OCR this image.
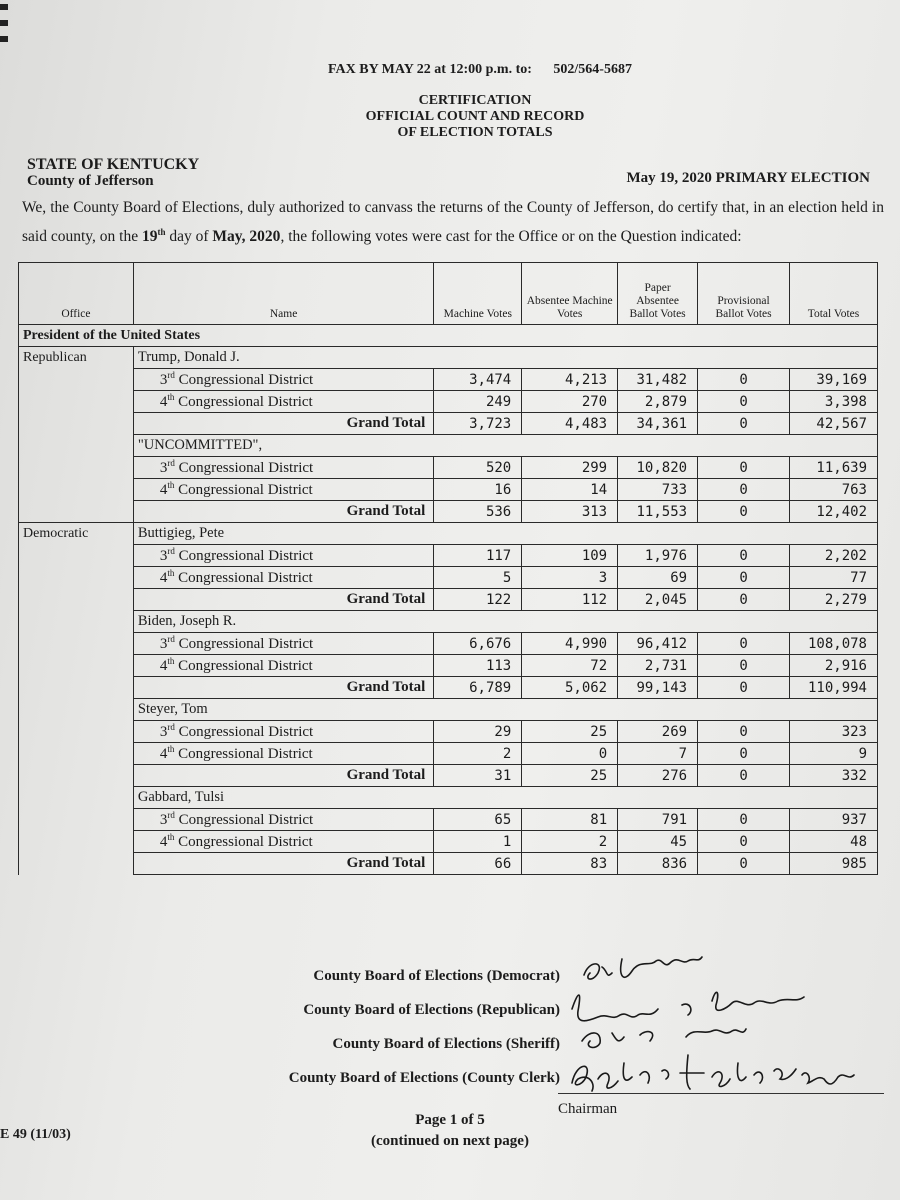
FAX BY MAY 22 at 12:00 p.m. to: 502/564-5687
CERTIFICATION
OFFICIAL COUNT AND RECORD
OF ELECTION TOTALS
STATE OF KENTUCKY
County of Jefferson	May 19, 2020 PRIMARY ELECTION
We, the County Board of Elections, duly authorized to canvass the returns of the County of Jefferson, do certify that, in an election held in said county, on the 19th day of May, 2020, the following votes were cast for the Office or on the Question indicated:
Office	Name	Machine Votes	Absentee Machine Votes	Paper Absentee Ballot Votes	Provisional Ballot Votes	Total Votes
President of the United States						
Republican	Trump, Donald J.					
	3rd Congressional District	3,474	4,213	31,482	0	39,169
	4th Congressional District	249	270	2,879	0	3,398
	Grand Total	3,723	4,483	34,361	0	42,567
	"UNCOMMITTED",					
	3rd Congressional District	520	299	10,820	0	11,639
	4th Congressional District	16	14	733	0	763
	Grand Total	536	313	11,553	0	12,402
Democratic	Buttigieg, Pete					
	3rd Congressional District	117	109	1,976	0	2,202
	4th Congressional District	5	3	69	0	77
	Grand Total	122	112	2,045	0	2,279
	Biden, Joseph R.					
	3rd Congressional District	6,676	4,990	96,412	0	108,078
	4th Congressional District	113	72	2,731	0	2,916
	Grand Total	6,789	5,062	99,143	0	110,994
	Steyer, Tom					
	3rd Congressional District	29	25	269	0	323
	4th Congressional District	2	0	7	0	9
	Grand Total	31	25	276	0	332
	Gabbard, Tulsi					
	3rd Congressional District	65	81	791	0	937
	4th Congressional District	1	2	45	0	48
	Grand Total	66	83	836	0	985
County Board of Elections (Democrat)
County Board of Elections (Republican)
County Board of Elections (Sheriff)
County Board of Elections (County Clerk)
Chairman
E 49 (11/03)
Page 1 of 5
(continued on next page)
